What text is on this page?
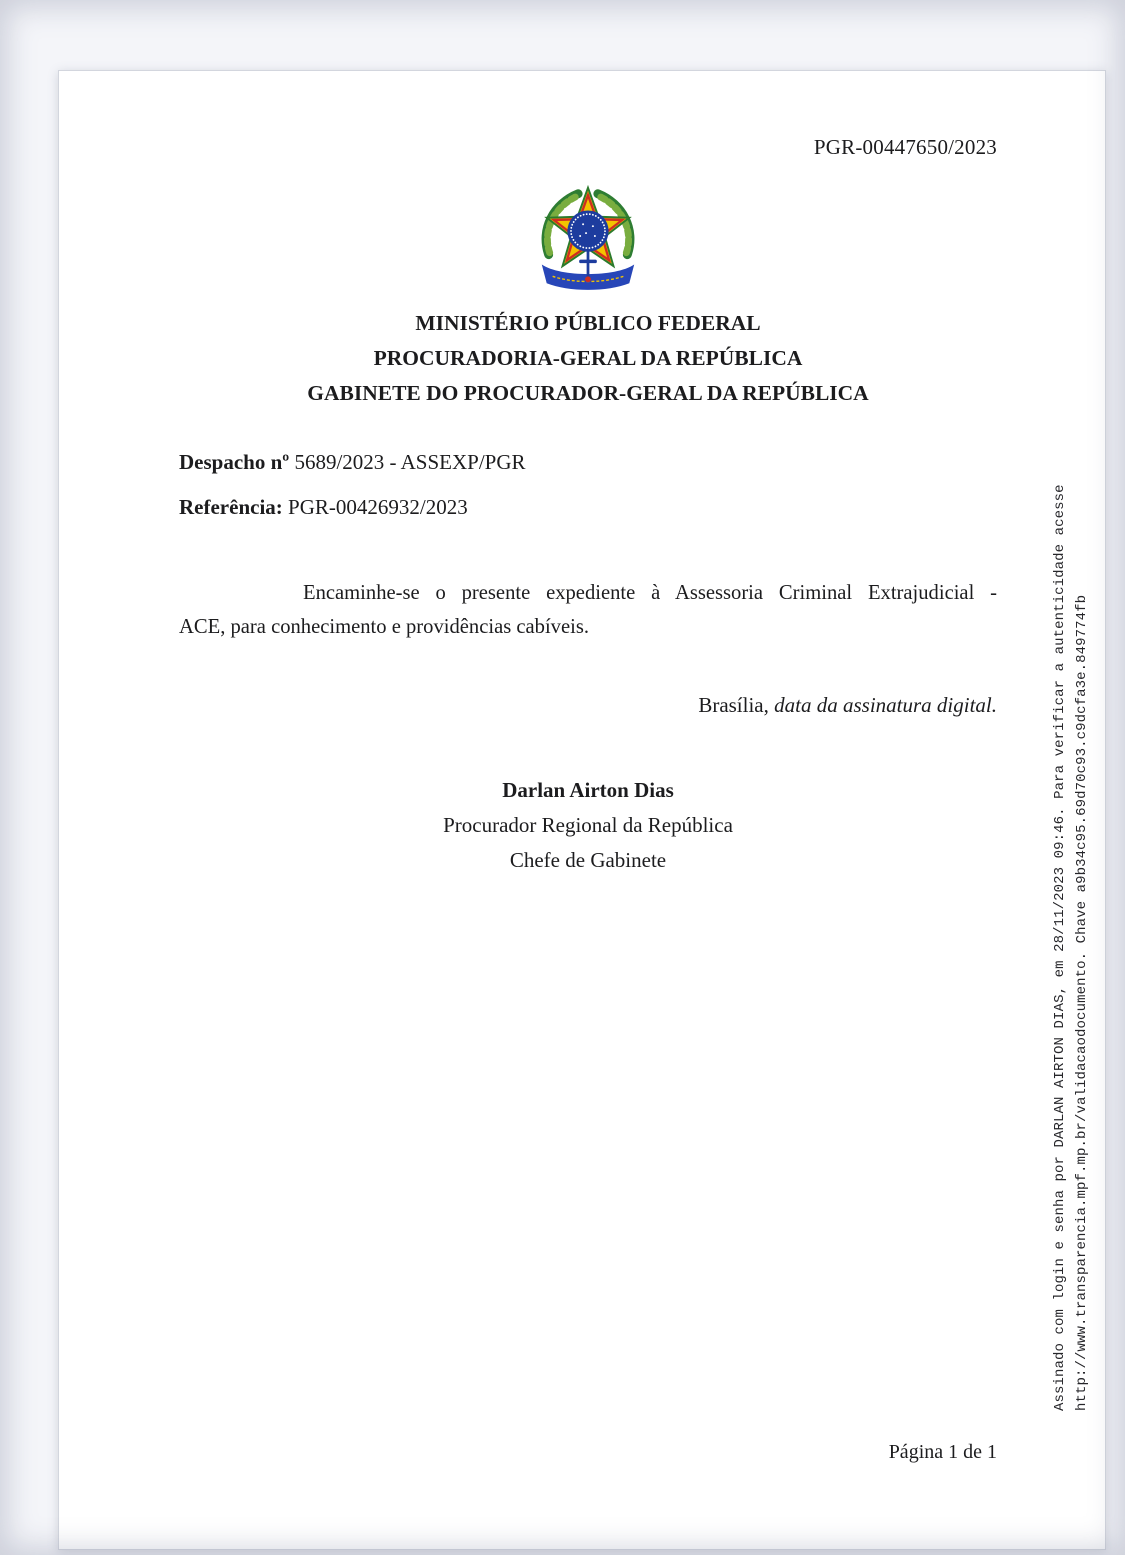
PGR-00447650/2023
MINISTÉRIO PÚBLICO FEDERAL
PROCURADORIA-GERAL DA REPÚBLICA
GABINETE DO PROCURADOR-GERAL DA REPÚBLICA
Despacho nº 5689/2023 - ASSEXP/PGR
Referência: PGR-00426932/2023
Encaminhe-se o presente expediente à Assessoria Criminal Extrajudicial -
ACE, para conhecimento e providências cabíveis.
Brasília, data da assinatura digital.
Darlan Airton Dias
Procurador Regional da República
Chefe de Gabinete	Assinado com login e senha por DARLAN AIRTON DIAS, em 28/11/2023 09:46. Para verificar a autenticidade acesse http://www.transparencia.mpf.mp.br/validacaodocumento. Chave a9b34c95.69d70c93.c9dcfa3e.849774fb
Página 1 de 1
